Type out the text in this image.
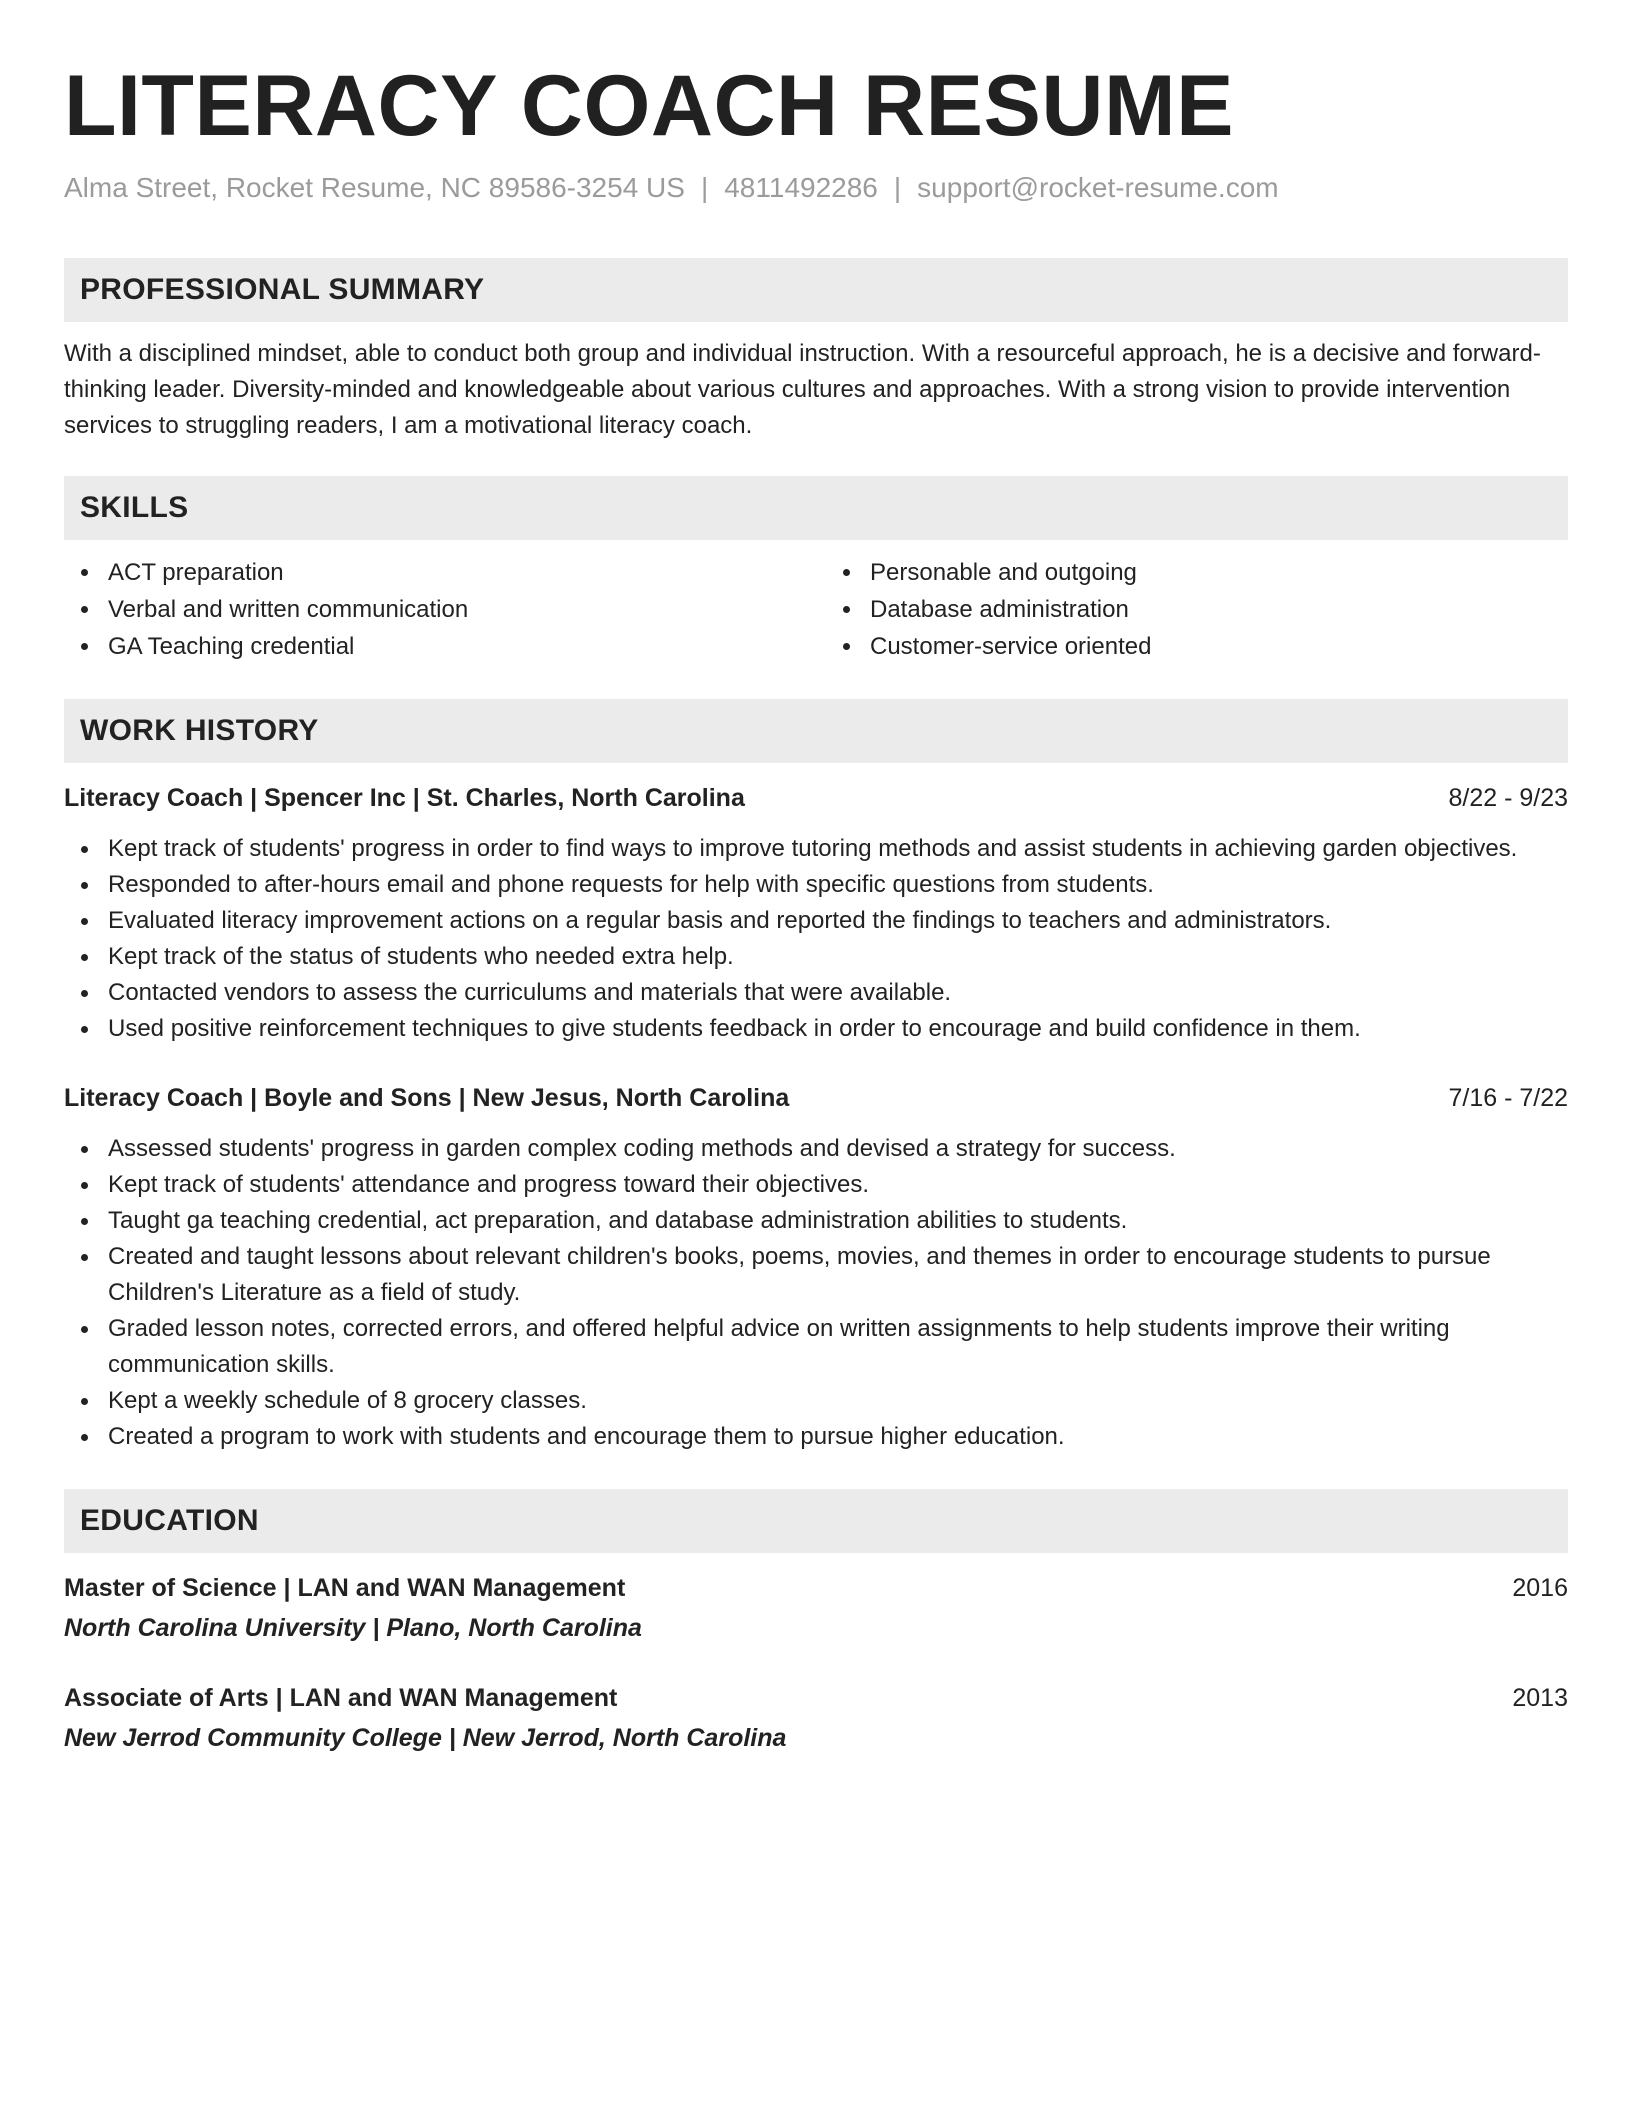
LITERACY COACH RESUME
Alma Street, Rocket Resume, NC 89586-3254 US | 4811492286 | support@rocket-resume.com
PROFESSIONAL SUMMARY
With a disciplined mindset, able to conduct both group and individual instruction. With a resourceful approach, he is a decisive and forward-thinking leader. Diversity-minded and knowledgeable about various cultures and approaches. With a strong vision to provide intervention services to struggling readers, I am a motivational literacy coach.
SKILLS
ACT preparation
Verbal and written communication
GA Teaching credential
Personable and outgoing
Database administration
Customer-service oriented
WORK HISTORY
Literacy Coach | Spencer Inc | St. Charles, North Carolina	8/22 - 9/23
Kept track of students' progress in order to find ways to improve tutoring methods and assist students in achieving garden objectives.
Responded to after-hours email and phone requests for help with specific questions from students.
Evaluated literacy improvement actions on a regular basis and reported the findings to teachers and administrators.
Kept track of the status of students who needed extra help.
Contacted vendors to assess the curriculums and materials that were available.
Used positive reinforcement techniques to give students feedback in order to encourage and build confidence in them.
Literacy Coach | Boyle and Sons | New Jesus, North Carolina	7/16 - 7/22
Assessed students' progress in garden complex coding methods and devised a strategy for success.
Kept track of students' attendance and progress toward their objectives.
Taught ga teaching credential, act preparation, and database administration abilities to students.
Created and taught lessons about relevant children's books, poems, movies, and themes in order to encourage students to pursue Children's Literature as a field of study.
Graded lesson notes, corrected errors, and offered helpful advice on written assignments to help students improve their writing communication skills.
Kept a weekly schedule of 8 grocery classes.
Created a program to work with students and encourage them to pursue higher education.
EDUCATION
Master of Science | LAN and WAN Management	2016
North Carolina University | Plano, North Carolina
Associate of Arts | LAN and WAN Management	2013
New Jerrod Community College | New Jerrod, North Carolina
